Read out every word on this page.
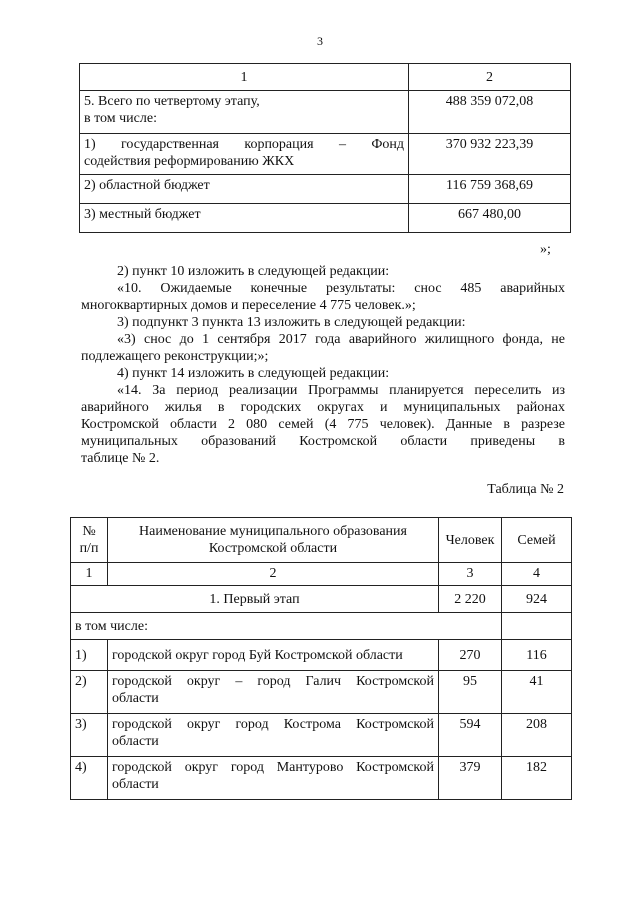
3
1	2

5. Всего по четвертому этапу,
в том числе:	488 359 072,08

1)    государственная    корпорация    –    Фонд
содействия реформированию ЖКХ	370 932 223,39
2) областной бюджет	116 759 368,69
3) местный бюджет	667 480,00
»;
2) пункт 10 изложить в следующей редакции:
«10.  Ожидаемые  конечные  результаты:  снос  485  аварийных
многоквартирных домов и переселение 4 775 человек.»;
3) подпункт 3 пункта 13 изложить в следующей редакции:
«3) снос до 1 сентября 2017 года аварийного жилищного фонда, не
подлежащего реконструкции;»;
4) пункт 14 изложить в следующей редакции:
«14. За период реализации Программы планируется переселить из
аварийного жилья в городских округах и муниципальных районах
Костромской области 2 080 семей (4 775 человек). Данные в разрезе
муниципальных   образований   Костромской   области   приведены   в
таблице № 2.
Таблица № 2
№
п/п	Наименование муниципального образования Костромской области	Человек	Семей
1	2	3	4
1. Первый этап		2 220	924
в том числе:			
1)	городской округ город Буй Костромской области	270	116
2)	городской  округ  –  город  Галич  Костромской области	95	41
3)	городской  округ  город  Кострома  Костромской области	594	208
4)	городской  округ  город  Мантурово  Костромской области	379	182
